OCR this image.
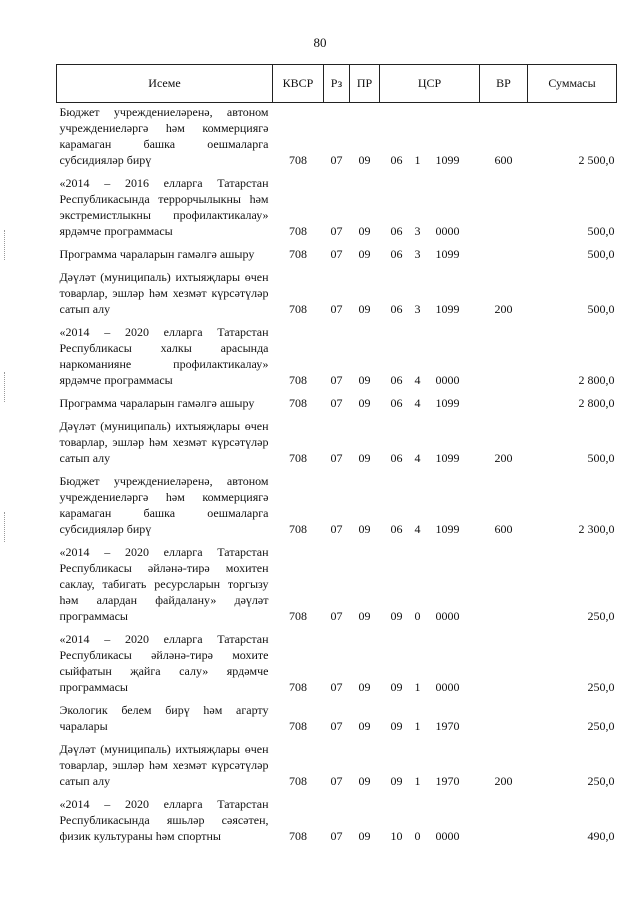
80
Исеме	КВСР	Рз	ПР	ЦСР	ВР	Суммасы
Бюджет учреждениеләренә, автоном учреждениеләргә һәм коммерциягә карамаган башка оешмаларга субсидияләр бирү	708	07	09	06 1 1099	600	2 500,0
«2014 – 2016 елларга Татарстан Республикасында террорчылыкны һәм экстремистлыкны профилактикалау» ярдәмче программасы	708	07	09	06 3 0000		500,0
Программа чараларын гамәлгә ашыру	708	07	09	06 3 1099		500,0
Дәүләт (муниципаль) ихтыяҗлары өчен товарлар, эшләр һәм хезмәт күрсәтүләр сатып алу	708	07	09	06 3 1099	200	500,0
«2014 – 2020 елларга Татарстан Республикасы халкы арасында наркоманияне профилактикалау» ярдәмче программасы	708	07	09	06 4 0000		2 800,0
Программа чараларын гамәлгә ашыру	708	07	09	06 4 1099		2 800,0
Дәүләт (муниципаль) ихтыяҗлары өчен товарлар, эшләр һәм хезмәт күрсәтүләр сатып алу	708	07	09	06 4 1099	200	500,0
Бюджет учреждениеләренә, автоном учреждениеләргә һәм коммерциягә карамаган башка оешмаларга субсидияләр бирү	708	07	09	06 4 1099	600	2 300,0
«2014 – 2020 елларга Татарстан Республикасы әйләнә-тирә мохитен саклау, табигать ресурсларын торгызу һәм алардан файдалану» дәүләт программасы	708	07	09	09 0 0000		250,0
«2014 – 2020 елларга Татарстан Республикасы әйләнә-тирә мохите сыйфатын җайга салу» ярдәмче программасы	708	07	09	09 1 0000		250,0
Экологик белем бирү һәм агарту чаралары	708	07	09	09 1 1970		250,0
Дәүләт (муниципаль) ихтыяҗлары өчен товарлар, эшләр һәм хезмәт күрсәтүләр сатып алу	708	07	09	09 1 1970	200	250,0
«2014 – 2020 елларга Татарстан Республикасында яшьләр сәясәтен, физик культураны һәм спортны	708	07	09	10 0 0000		490,0
